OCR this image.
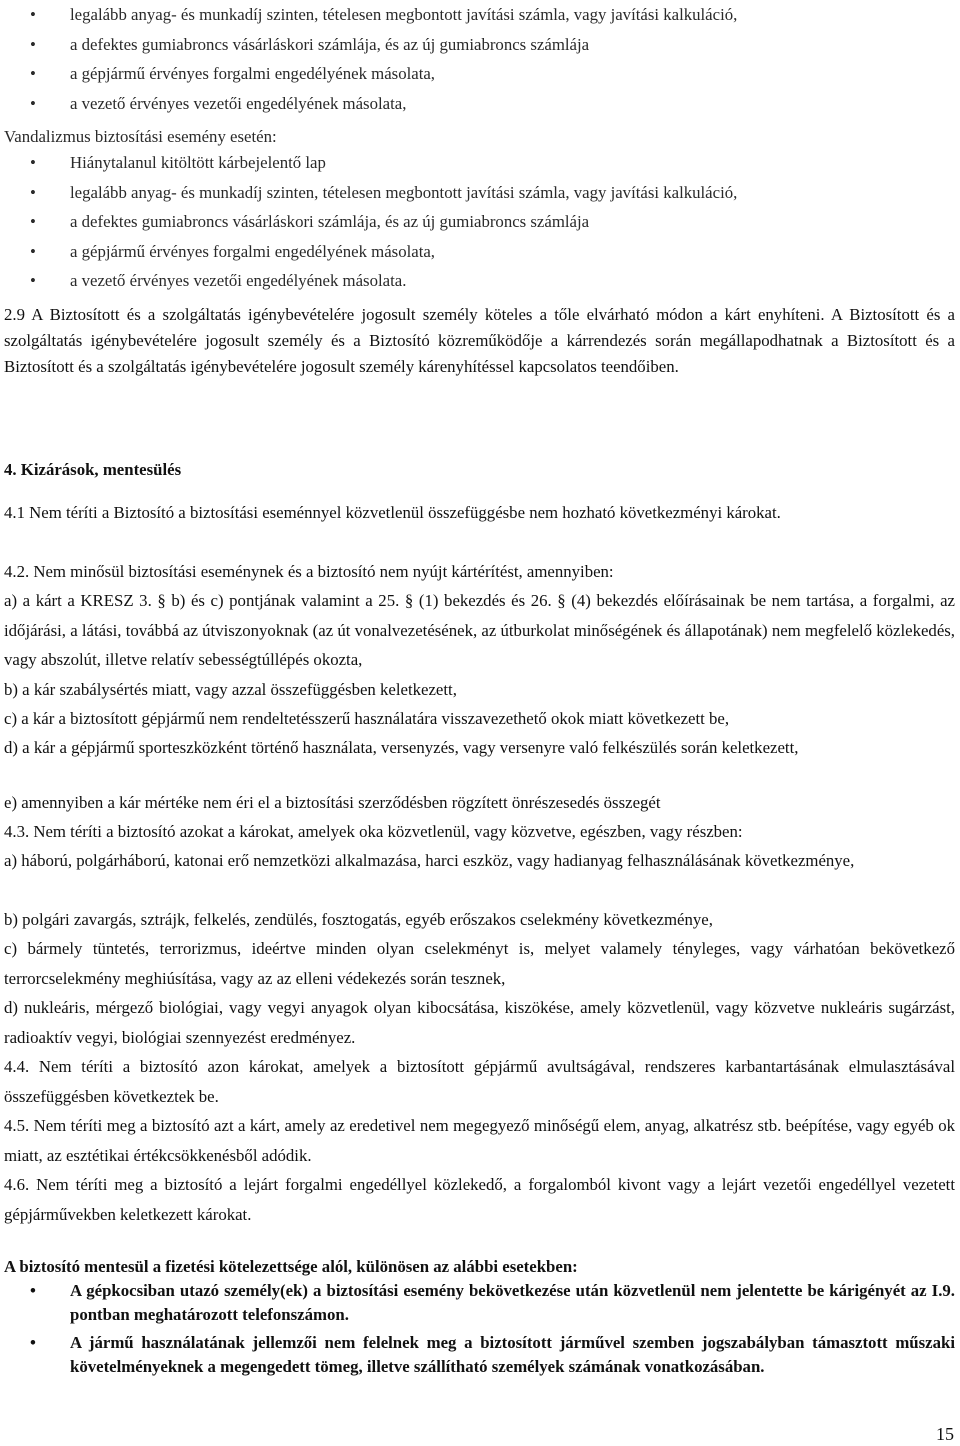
• legalább anyag- és munkadíj szinten, tételesen megbontott javítási számla, vagy javítási kalkuláció,
• a defektes gumiabroncs vásárláskori számlája, és az új gumiabroncs számlája
• a gépjármű érvényes forgalmi engedélyének másolata,
• a vezető érvényes vezetői engedélyének másolata,
Vandalizmus biztosítási esemény esetén:
• Hiánytalanul kitöltött kárbejelentő lap
• legalább anyag- és munkadíj szinten, tételesen megbontott javítási számla, vagy javítási kalkuláció,
• a defektes gumiabroncs vásárláskori számlája, és az új gumiabroncs számlája
• a gépjármű érvényes forgalmi engedélyének másolata,
• a vezető érvényes vezetői engedélyének másolata.

2.9 A Biztosított és a szolgáltatás igénybevételére jogosult személy köteles a tőle elvárható módon a kárt enyhíteni. A Biztosított és a szolgáltatás igénybevételére jogosult személy és a Biztosító közreműködője a kárrendezés során megállapodhatnak a Biztosított és a Biztosított és a szolgáltatás igénybevételére jogosult személy kárenyhítéssel kapcsolatos teendőiben.

4. Kizárások, mentesülés
4.1 Nem téríti a Biztosító a biztosítási eseménnyel közvetlenül összefüggésbe nem hozható következményi károkat.
4.2. Nem minősül biztosítási eseménynek és a biztosító nem nyújt kártérítést, amennyiben:
a) a kárt a KRESZ 3. § b) és c) pontjának valamint a 25. § (1) bekezdés és 26. § (4) bekezdés előírásainak be nem tartása, a forgalmi, az időjárási, a látási, továbbá az útviszonyoknak (az út vonalvezetésének, az útburkolat minőségének és állapotának) nem megfelelő közlekedés, vagy abszolút, illetve relatív sebességtúllépés okozta,
b) a kár szabálysértés miatt, vagy azzal összefüggésben keletkezett,
c) a kár a biztosított gépjármű nem rendeltetésszerű használatára visszavezethető okok miatt következett be,
d) a kár a gépjármű sporteszközként történő használata, versenyzés, vagy versenyre való felkészülés során keletkezett,
e) amennyiben a kár mértéke nem éri el a biztosítási szerződésben rögzített önrészesedés összegét
4.3. Nem téríti a biztosító azokat a károkat, amelyek oka közvetlenül, vagy közvetve, egészben, vagy részben:
a) háború, polgárháború, katonai erő nemzetközi alkalmazása, harci eszköz, vagy hadianyag felhasználásának következménye,
b) polgári zavargás, sztrájk, felkelés, zendülés, fosztogatás, egyéb erőszakos cselekmény következménye,
c) bármely tüntetés, terrorizmus, ideértve minden olyan cselekményt is, melyet valamely tényleges, vagy várhatóan bekövetkező terrorcselekmény meghiúsítása, vagy az az elleni védekezés során tesznek,
d) nukleáris, mérgező biológiai, vagy vegyi anyagok olyan kibocsátása, kiszökése, amely közvetlenül, vagy közvetve nukleáris sugárzást, radioaktív vegyi, biológiai szennyezést eredményez.
4.4. Nem téríti a biztosító azon károkat, amelyek a biztosított gépjármű avultságával, rendszeres karbantartásának elmulasztásával összefüggésben következtek be.
4.5. Nem téríti meg a biztosító azt a kárt, amely az eredetivel nem megegyező minőségű elem, anyag, alkatrész stb. beépítése, vagy egyéb ok miatt, az esztétikai értékcsökkenésből adódik.
4.6. Nem téríti meg a biztosító a lejárt forgalmi engedéllyel közlekedő, a forgalomból kivont vagy a lejárt vezetői engedéllyel vezetett gépjárművekben keletkezett károkat.
A biztosító mentesül a fizetési kötelezettsége alól, különösen az alábbi esetekben:
• A gépkocsiban utazó személy(ek) a biztosítási esemény bekövetkezése után közvetlenül nem jelentette be kárigényét az I.9. pontban meghatározott telefonszámon.
• A jármű használatának jellemzői nem felelnek meg a biztosított járművel szemben jogszabályban támasztott műszaki követelményeknek a megengedett tömeg, illetve szállítható személyek számának vonatkozásában.
15
